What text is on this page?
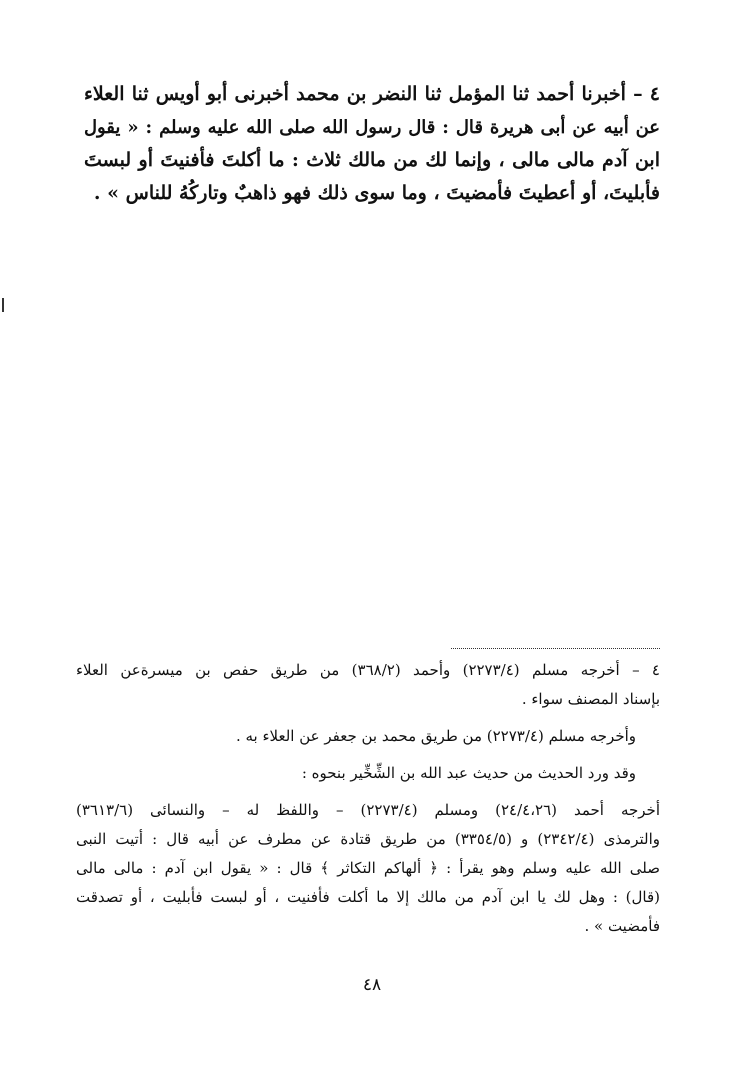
٤ – أخبرنا أحمد ثنا المؤمل ثنا النضر بن محمد أخبرنى أبو أويس ثنا العلاء
عن أبيه عن أبى هريرة قال : قال رسول الله صلى الله عليه وسلم : « يقول
ابن آدم مالى مالى ، وإنما لك من مالك ثلاث : ما أكلتَ فأفنيتَ أو لبستَ
فأبليتَ، أو أعطيتَ فأمضيتَ ، وما سوى ذلك فهو ذاهبٌ وتاركُهُ للناس » .
٤ – أخرجه مسلم (٢٢٧٣/٤) وأحمد (٣٦٨/٢) من طريق حفص بن ميسرةعن العلاء
بإسناد المصنف سواء .
وأخرجه مسلم (٢٢٧٣/٤) من طريق محمد بن جعفر عن العلاء به .
وقد ورد الحديث من حديث عبد الله بن الشِّخِّير بنحوه :
أخرجه أحمد (٢٤/٤،٢٦) ومسلم (٢٢٧٣/٤) – واللفظ له – والنسائى (٣٦١٣/٦)
والترمذى (٢٣٤٢/٤) و (٣٣٥٤/٥) من طريق قتادة عن مطرف عن أبيه قال : أتيت النبى
صلى الله عليه وسلم وهو يقرأ : ﴿ ألهاكم التكاثر ﴾ قال : « يقول ابن آدم : مالى مالى
(قال) : وهل لك يا ابن آدم من مالك إلا ما أكلت فأفنيت ، أو لبست فأبليت ، أو تصدقت
فأمضيت » .
٤٨
